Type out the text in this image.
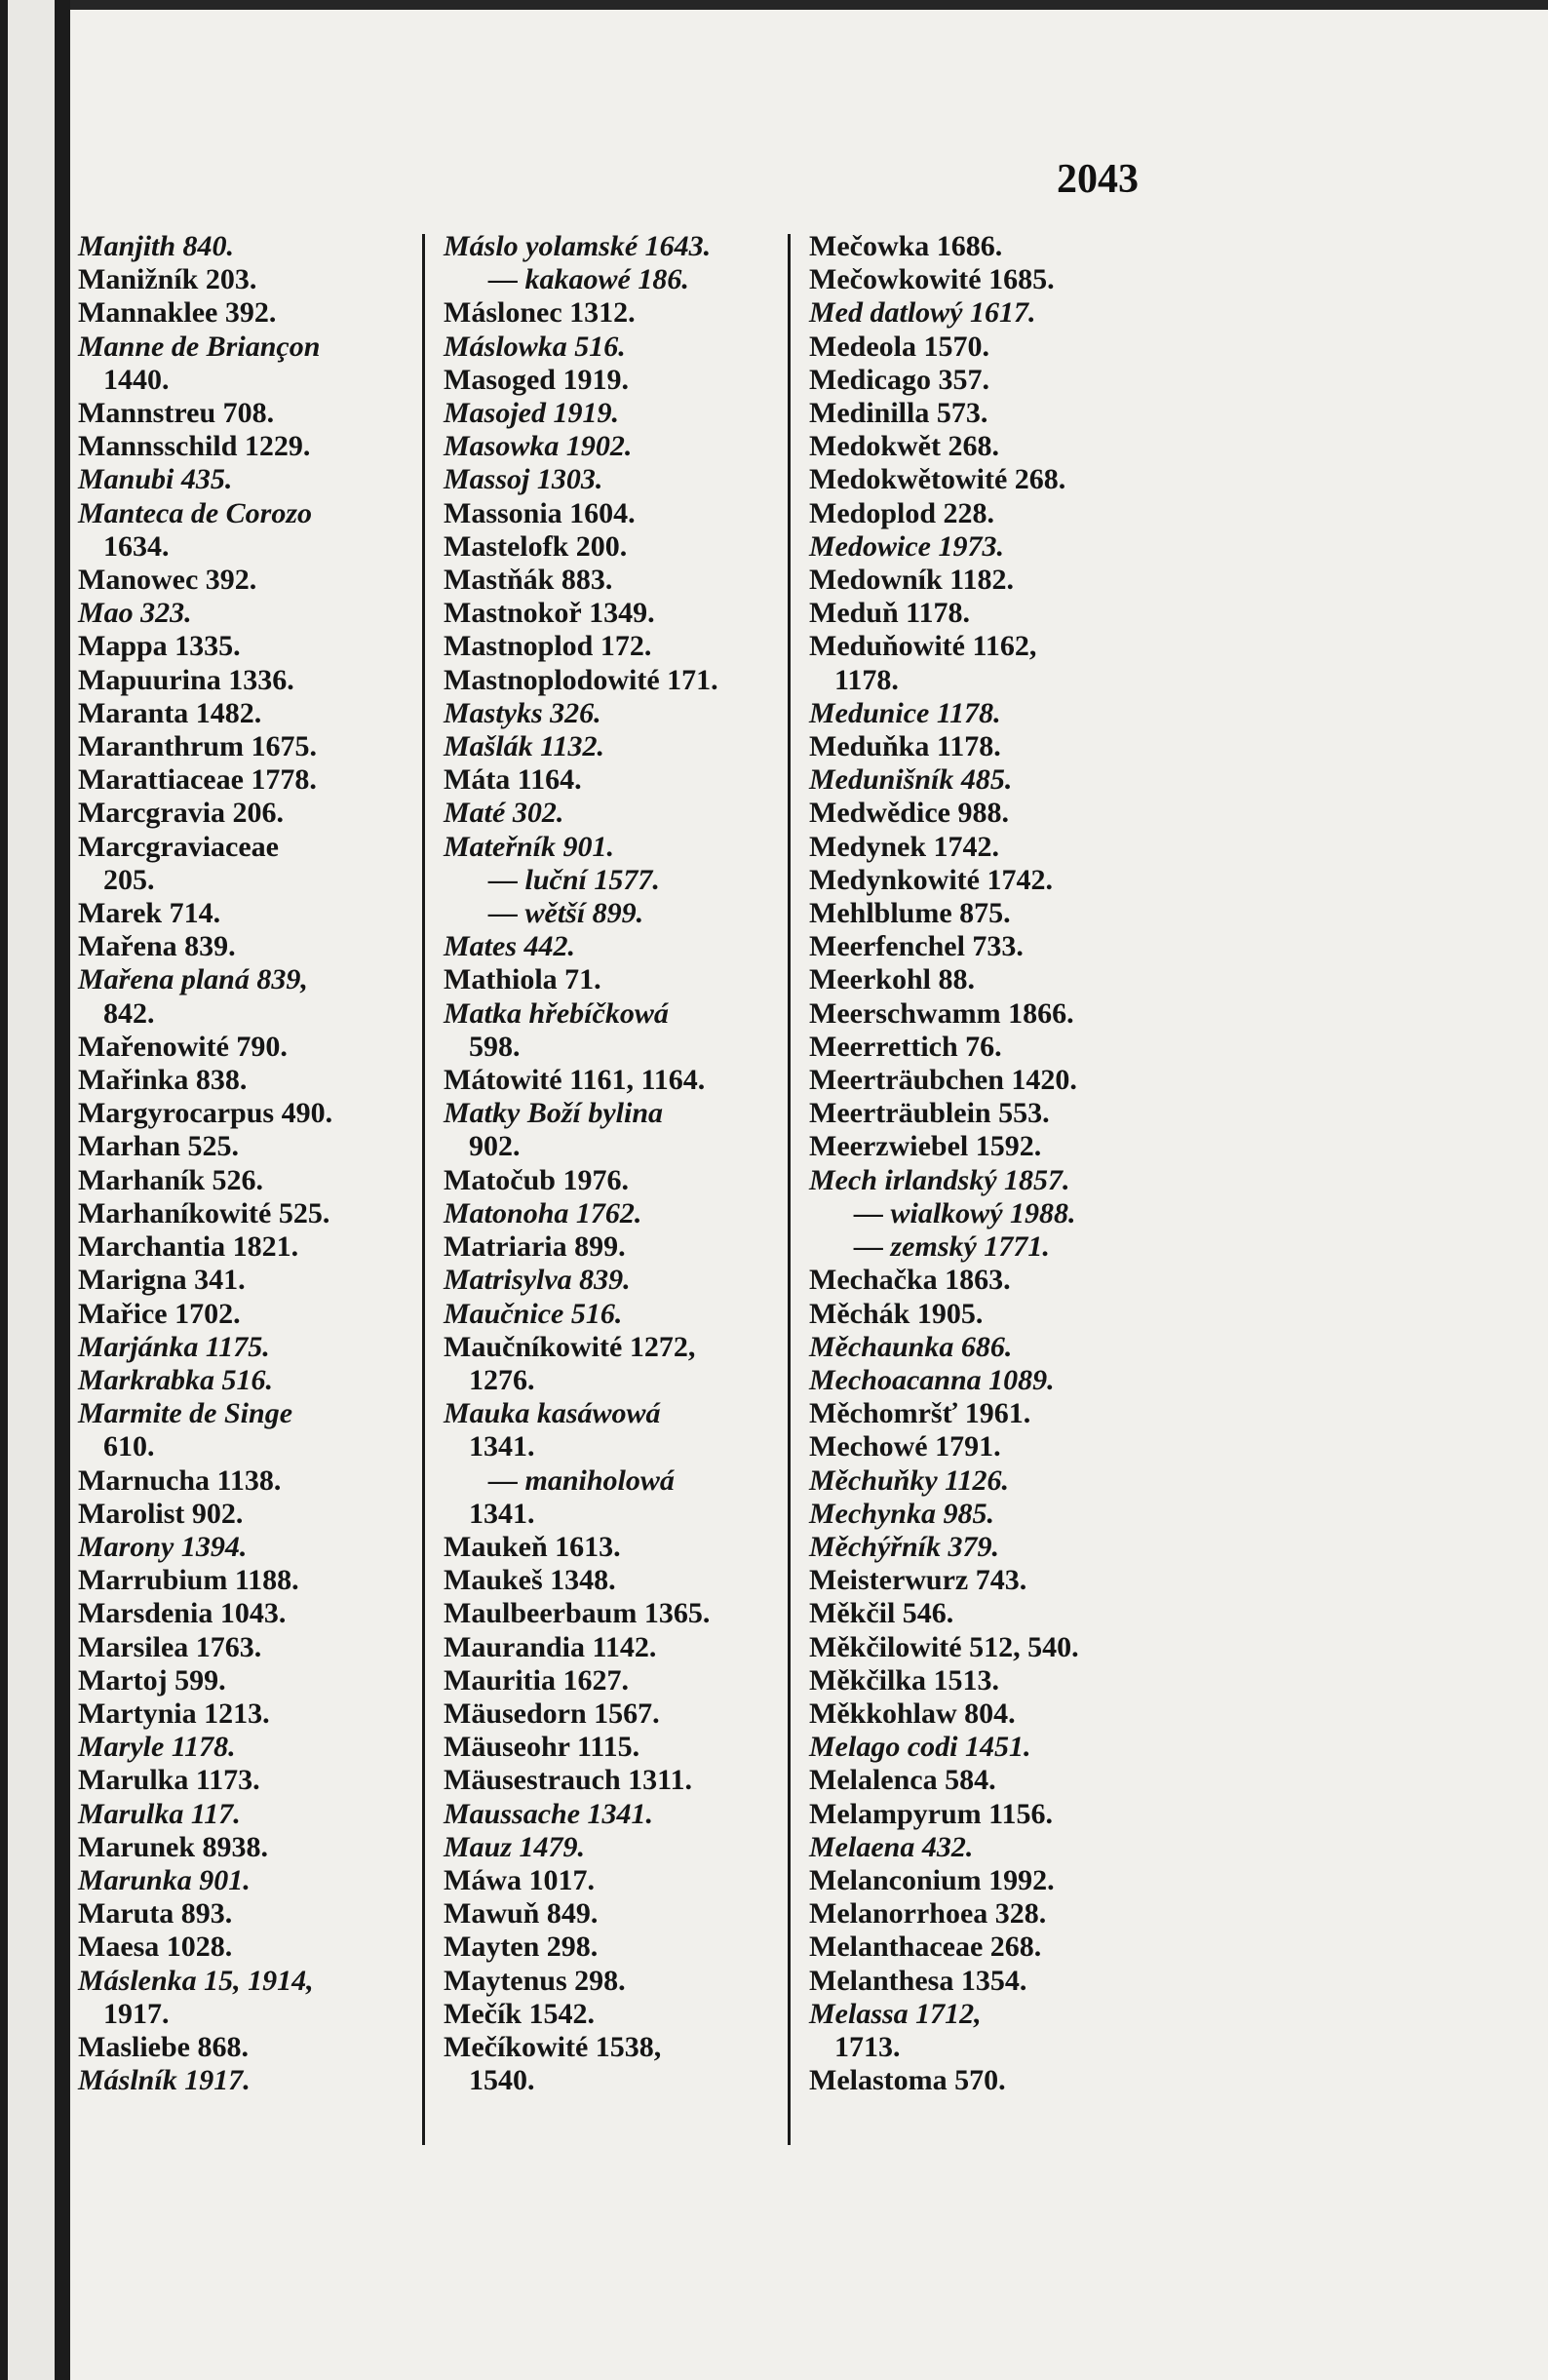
2043
Manjith 840.
Manižník 203.
Mannaklee 392.
Manne de Briançon
1440.
Mannstreu 708.
Mannsschild 1229.
Manubi 435.
Manteca de Corozo
1634.
Manowec 392.
Mao 323.
Mappa 1335.
Mapuurina 1336.
Maranta 1482.
Maranthrum 1675.
Marattiaceae 1778.
Marcgravia 206.
Marcgraviaceae
205.
Marek 714.
Mařena 839.
Mařena planá 839,
842.
Mařenowité 790.
Mařinka 838.
Margyrocarpus 490.
Marhan 525.
Marhaník 526.
Marhaníkowité 525.
Marchantia 1821.
Marigna 341.
Mařice 1702.
Marjánka 1175.
Markrabka 516.
Marmite de Singe
610.
Marnucha 1138.
Marolist 902.
Marony 1394.
Marrubium 1188.
Marsdenia 1043.
Marsilea 1763.
Martoj 599.
Martynia 1213.
Maryle 1178.
Marulka 1173.
Marulka 117.
Marunek 8938.
Marunka 901.
Maruta 893.
Maesa 1028.
Máslenka 15, 1914,
1917.
Masliebe 868.
Máslník 1917.
Máslo yolamské 1643.
— kakaowé 186.
Máslonec 1312.
Máslowka 516.
Masoged 1919.
Masojed 1919.
Masowka 1902.
Massoj 1303.
Massonia 1604.
Mastelofk 200.
Mastňák 883.
Mastnokoř 1349.
Mastnoplod 172.
Mastnoplodowité 171.
Mastyks 326.
Mašlák 1132.
Máta 1164.
Maté 302.
Mateřník 901.
— luční 1577.
— wětší 899.
Mates 442.
Mathiola 71.
Matka hřebíčkowá
598.
Mátowité 1161, 1164.
Matky Boží bylina
902.
Matočub 1976.
Matonoha 1762.
Matriaria 899.
Matrisylva 839.
Maučnice 516.
Maučníkowité 1272,
1276.
Mauka kasáwowá
1341.
— maniholowá
1341.
Maukeň 1613.
Maukeš 1348.
Maulbeerbaum 1365.
Maurandia 1142.
Mauritia 1627.
Mäusedorn 1567.
Mäuseohr 1115.
Mäusestrauch 1311.
Maussache 1341.
Mauz 1479.
Máwa 1017.
Mawuň 849.
Mayten 298.
Maytenus 298.
Mečík 1542.
Mečíkowité 1538,
1540.
Mečowka 1686.
Mečowkowité 1685.
Med datlowý 1617.
Medeola 1570.
Medicago 357.
Medinilla 573.
Medokwět 268.
Medokwětowité 268.
Medoplod 228.
Medowice 1973.
Medowník 1182.
Meduň 1178.
Meduňowité 1162,
1178.
Medunice 1178.
Meduňka 1178.
Medunišník 485.
Medwědice 988.
Medynek 1742.
Medynkowité 1742.
Mehlblume 875.
Meerfenchel 733.
Meerkohl 88.
Meerschwamm 1866.
Meerrettich 76.
Meerträubchen 1420.
Meerträublein 553.
Meerzwiebel 1592.
Mech irlandský 1857.
— wialkowý 1988.
— zemský 1771.
Mechačka 1863.
Měchák 1905.
Měchaunka 686.
Mechoacanna 1089.
Měchomršť 1961.
Mechowé 1791.
Měchuňky 1126.
Mechynka 985.
Měchýřník 379.
Meisterwurz 743.
Měkčil 546.
Měkčilowité 512, 540.
Měkčilka 1513.
Měkkohlaw 804.
Melago codi 1451.
Melalenca 584.
Melampyrum 1156.
Melaena 432.
Melanconium 1992.
Melanorrhoea 328.
Melanthaceae 268.
Melanthesa 1354.
Melassa 1712,
1713.
Melastoma 570.
